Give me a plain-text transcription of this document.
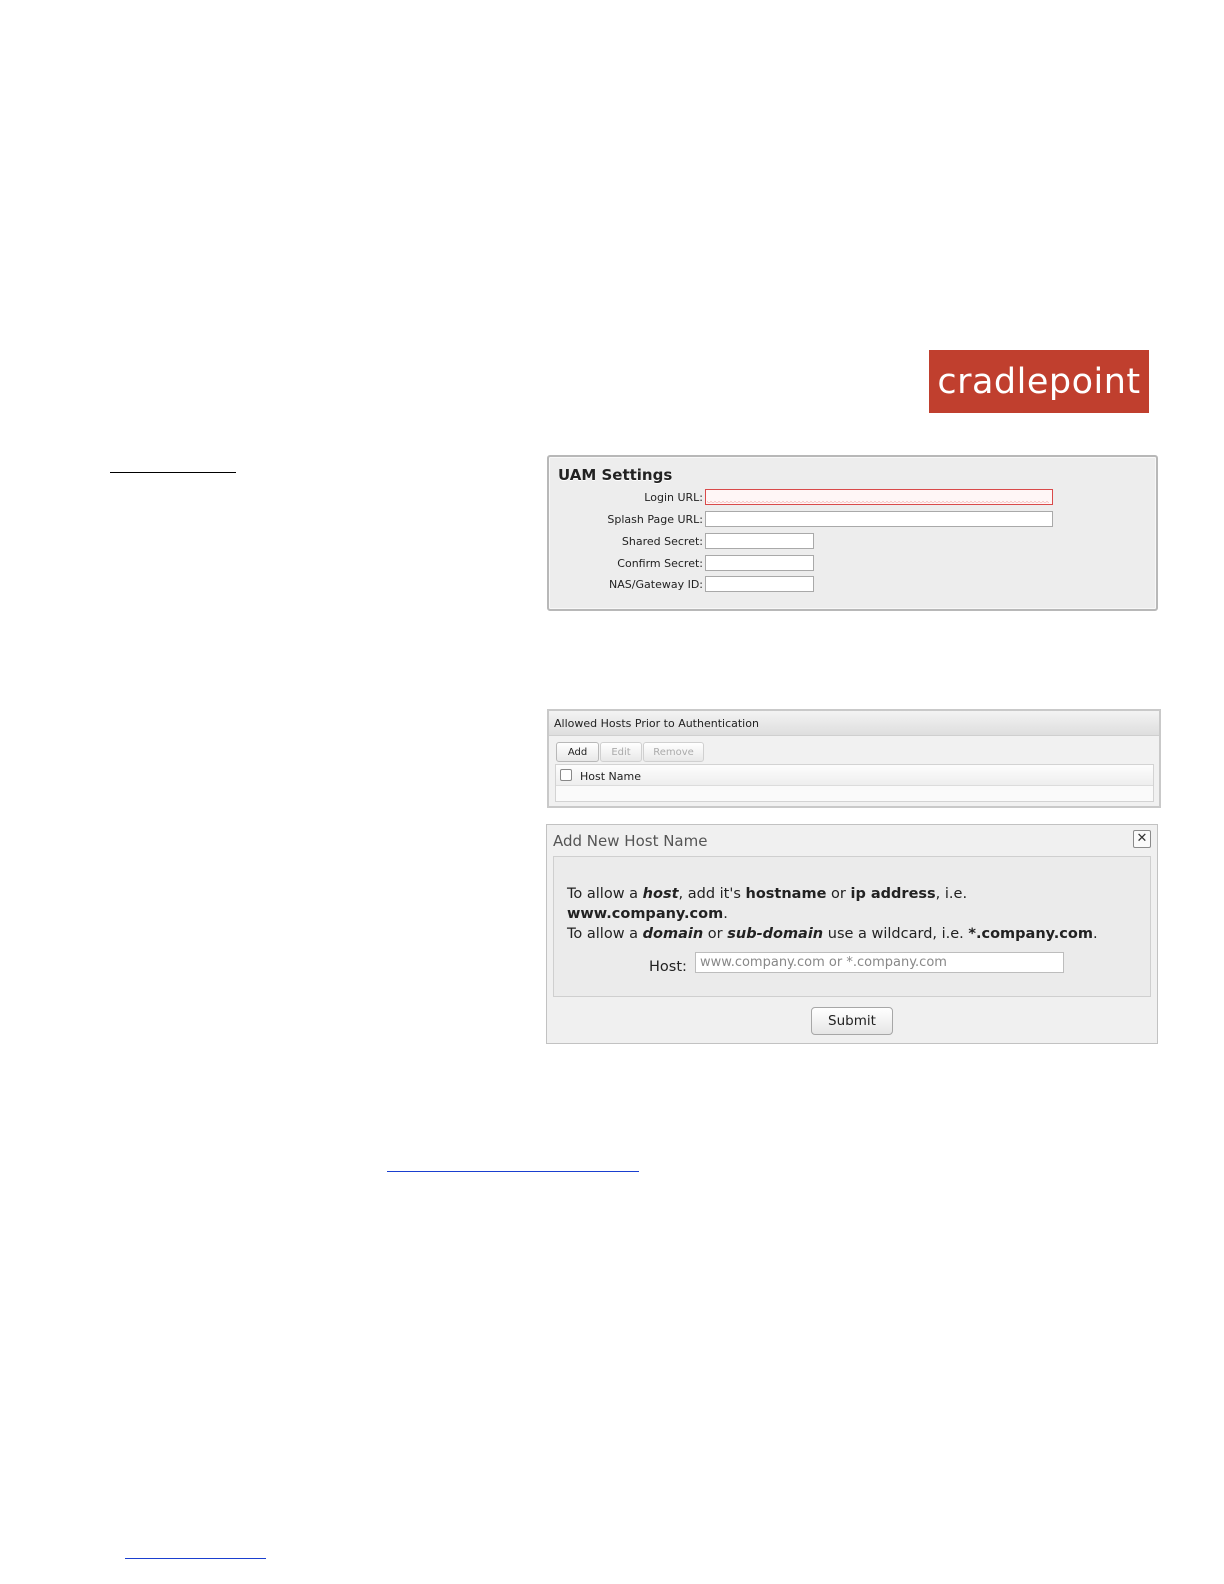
cradlepoint
UAM Settings
Login URL:
Splash Page URL:
Shared Secret:
Confirm Secret:
NAS/Gateway ID:
Allowed Hosts Prior to Authentication
Add	Edit	Remove
Host Name
Add New Host Name	✕
To allow a host, add it's hostname or ip address, i.e.
www.company.com.
To allow a domain or sub-domain use a wildcard, i.e. *.company.com.
Host:
www.company.com or *.company.com
Submit
